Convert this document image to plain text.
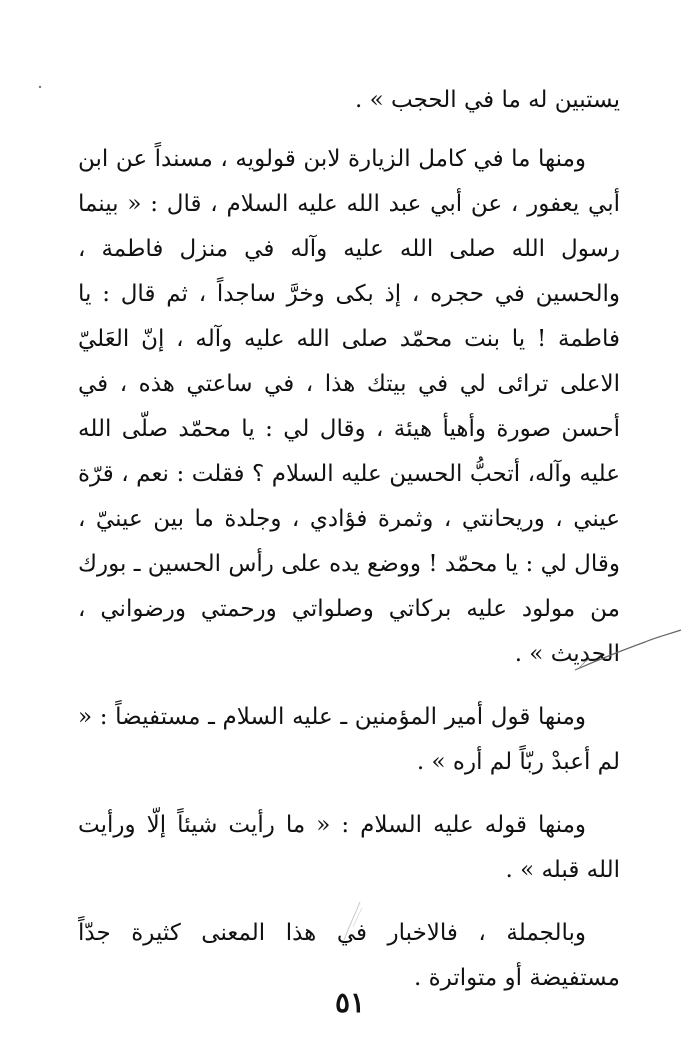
يستبين له ما في الحجب » .

ومنها ما في كامل الزيارة لابن قولويه ، مسنداً عن ابن أبي يعفور ، عن أبي عبد الله عليه السلام ، قال : « بينما رسول الله صلى الله عليه وآله في منزل فاطمة ، والحسين في حجره ، إذ بكى وخرَّ ساجداً ، ثم قال : يا فاطمة ! يا بنت محمّد صلى الله عليه وآله ، إنّ العَليّ الاعلى ترائى لي في بيتك هذا ، في ساعتي هذه ، في أحسن صورة وأهيأ هيئة ، وقال لي : يا محمّد صلّى الله عليه وآله، أتحبُّ الحسين عليه السلام ؟ فقلت : نعم ، قرّة عيني ، وريحانتي ، وثمرة فؤادي ، وجلدة ما بين عينيّ ، وقال لي : يا محمّد ! ووضع يده على رأس الحسين ـ بورك من مولود عليه بركاتي وصلواتي ورحمتي ورضواني ، الحديث » .

ومنها قول أمير المؤمنين ـ عليه السلام ـ مستفيضاً : « لم أعبدْ ربّاً لم أره » .

ومنها قوله عليه السلام : « ما رأيت شيئاً إلّا ورأيت الله قبله » .

وبالجملة ، فالاخبار في هذا المعنى كثيرة جدّاً مستفيضة أو متواترة .

٥١
